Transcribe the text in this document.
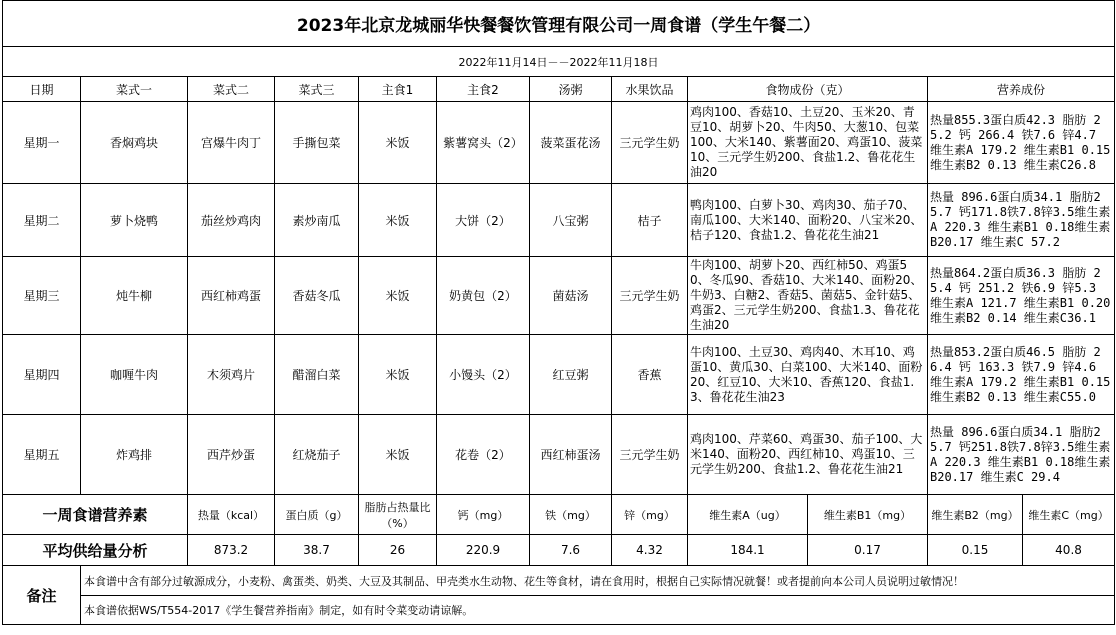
2023年北京龙城丽华快餐餐饮管理有限公司一周食谱（学生午餐二）											
2022年11月14日－－2022年11月18日											
日期	菜式一	菜式二	菜式三	主食1	主食2	汤粥	水果饮品	食物成份（克）		营养成份	
星期一	香焖鸡块	宫爆牛肉丁	手撕包菜	米饭	紫薯窝头（2）	菠菜蛋花汤	三元学生奶	鸡肉100、香菇10、土豆20、玉米20、青豆10、胡萝卜20、牛肉50、大葱10、包菜100、大米140、紫薯面20、鸡蛋10、菠菜10、三元学生奶200、食盐1.2、鲁花花生油20		热量855.3蛋白质42.3 脂肪 25.2 钙 266.4 铁7.6 锌4.7 维生素A 179.2 维生素B1 0.15 维生素B2 0.13 维生素C26.8	
星期二	萝卜烧鸭	茄丝炒鸡肉	素炒南瓜	米饭	大饼（2）	八宝粥	桔子	鸭肉100、白萝卜30、鸡肉30、茄子70、南瓜100、大米140、面粉20、八宝米20、桔子120、食盐1.2、鲁花花生油21		热量 896.6蛋白质34.1 脂肪25.7 钙171.8铁7.8锌3.5维生素A 220.3 维生素B1 0.18维生素B20.17 维生素C 57.2	
星期三	炖牛柳	西红柿鸡蛋	香菇冬瓜	米饭	奶黄包（2）	菌菇汤	三元学生奶	牛肉100、胡萝卜20、西红柿50、鸡蛋50、冬瓜90、香菇10、大米140、面粉20、牛奶3、白糖2、香菇5、菌菇5、金针菇5、鸡蛋2、三元学生奶200、食盐1.3、鲁花花生油20		热量864.2蛋白质36.3 脂肪 25.4 钙 251.2 铁6.9 锌5.3 维生素A 121.7 维生素B1 0.20 维生素B2 0.14 维生素C36.1	
星期四	咖喱牛肉	木须鸡片	醋溜白菜	米饭	小馒头（2）	红豆粥	香蕉	牛肉100、土豆30、鸡肉40、木耳10、鸡蛋10、黄瓜30、白菜100、大米140、面粉20、红豆10、大米10、香蕉120、食盐1.3、鲁花花生油23		热量853.2蛋白质46.5 脂肪 26.4 钙 163.3 铁7.9 锌4.6 维生素A 179.2 维生素B1 0.15 维生素B2 0.13 维生素C55.0	
星期五	炸鸡排	西芹炒蛋	红烧茄子	米饭	花卷（2）	西红柿蛋汤	三元学生奶	鸡肉100、芹菜60、鸡蛋30、茄子100、大米140、面粉20、西红柿10、鸡蛋10、三元学生奶200、食盐1.2、鲁花花生油21		热量 896.6蛋白质34.1 脂肪25.7 钙251.8铁7.8锌3.5维生素A 220.3 维生素B1 0.18维生素B20.17 维生素C 29.4	
一周食谱营养素		热量（kcal）	蛋白质（g）	脂肪占热量比（%）	钙（mg）	铁（mg）	锌（mg）	维生素A（ug）	维生素B1（mg）	维生素B2（mg）	维生素C（mg）
平均供给量分析		873.2	38.7	26	220.9	7.6	4.32	184.1	0.17	0.15	40.8
备注	本食谱中含有部分过敏源成分，小麦粉、禽蛋类、奶类、大豆及其制品、甲壳类水生动物、花生等食材，请在食用时，根据自己实际情况就餐！或者提前向本公司人员说明过敏情况！										
	本食谱依据WS/T554-2017《学生餐营养指南》制定，如有时令菜变动请谅解。										
